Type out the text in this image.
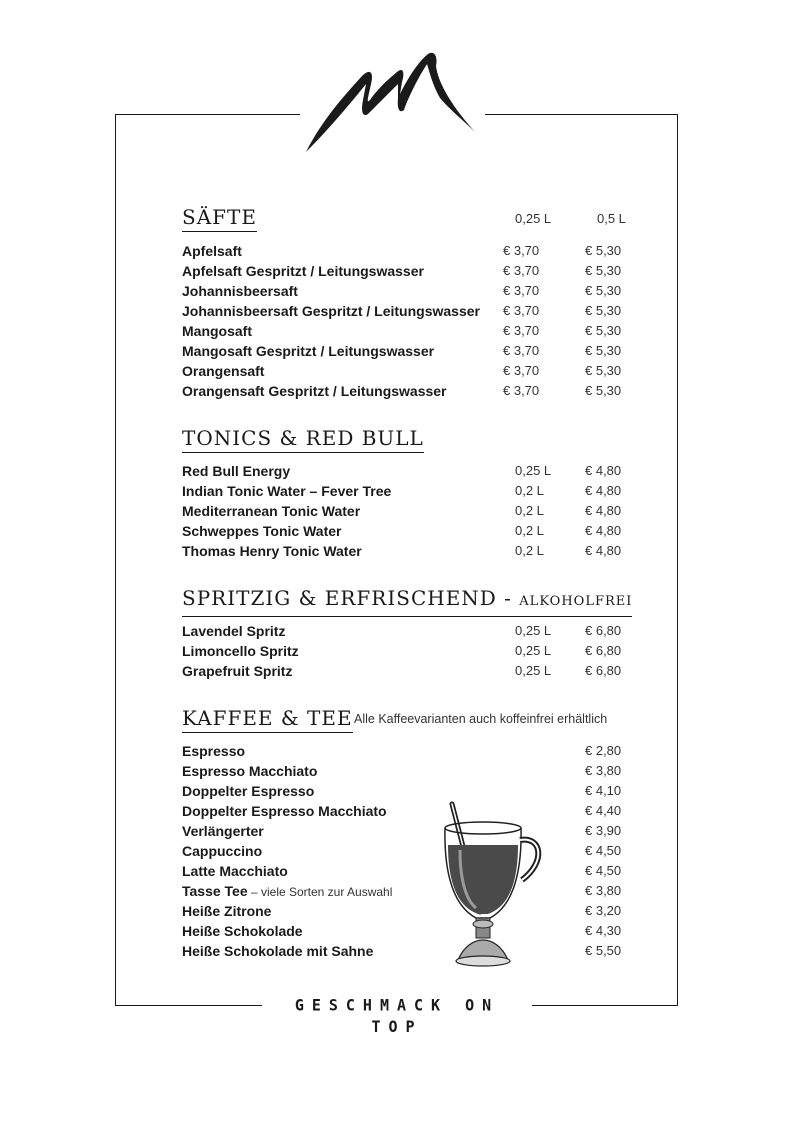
SÄFTE	0,25 L	0,5 L
Apfelsaft	€ 3,70	€ 5,30
Apfelsaft Gespritzt / Leitungswasser	€ 3,70	€ 5,30
Johannisbeersaft	€ 3,70	€ 5,30
Johannisbeersaft Gespritzt / Leitungswasser € 3,70	€ 5,30
Mangosaft	€ 3,70	€ 5,30
Mangosaft Gespritzt / Leitungswasser	€ 3,70	€ 5,30
Orangensaft	€ 3,70	€ 5,30
Orangensaft Gespritzt / Leitungswasser	€ 3,70	€ 5,30
TONICS & RED BULL
Red Bull Energy	0,25 L	€ 4,80
Indian Tonic Water – Fever Tree	0,2 L	€ 4,80
Mediterranean Tonic Water	0,2 L	€ 4,80
Schweppes Tonic Water	0,2 L	€ 4,80
Thomas Henry Tonic Water	0,2 L	€ 4,80
SPRITZIG & ERFRISCHEND - ALKOHOLFREI
Lavendel Spritz	0,25 L	€ 6,80
Limoncello Spritz	0,25 L	€ 6,80
Grapefruit Spritz	0,25 L	€ 6,80
KAFFEE & TEE Alle Kaffeevarianten auch koffeinfrei erhältlich
Espresso	€ 2,80
Espresso Macchiato	€ 3,80
Doppelter Espresso	€ 4,10
Doppelter Espresso Macchiato	€ 4,40
Verlängerter	€ 3,90
Cappuccino	€ 4,50
Latte Macchiato	€ 4,50
Tasse Tee – viele Sorten zur Auswahl	€ 3,80
Heiße Zitrone	€ 3,20
Heiße Schokolade	€ 4,30
Heiße Schokolade mit Sahne	€ 5,50
GESCHMACK ON TOP
